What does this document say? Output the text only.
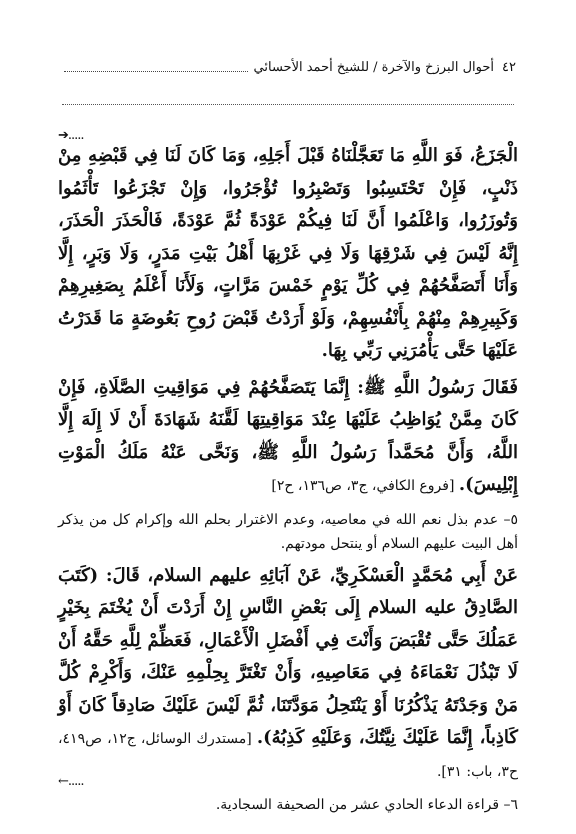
٤٢
أحوال البرزخ والآخرة / للشيخ أحمد الأحسائي
➔.....

الْجَزَعُ، فَوَ اللَّهِ مَا تَعَجَّلْنَاهُ قَبْلَ أَجَلِهِ، وَمَا كَانَ لَنَا فِي قَبْضِهِ مِنْ ذَنْبٍ، فَإِنْ تَحْتَسِبُوا وَتَصْبِرُوا تُؤْجَرُوا، وَإِنْ تَجْزَعُوا تَأْثَمُوا وَتُوزَرُوا، وَاعْلَمُوا أَنَّ لَنَا فِيكُمْ عَوْدَةً ثُمَّ عَوْدَةً، فَالْحَذَرَ الْحَذَرَ، إِنَّهُ لَيْسَ فِي شَرْقِهَا وَلَا فِي غَرْبِهَا أَهْلُ بَيْتِ مَدَرٍ، وَلَا وَبَرٍ، إِلَّا وَأَنَا أَتَصَفَّحُهُمْ فِي كُلِّ يَوْمٍ خَمْسَ مَرَّاتٍ، وَلَأَنَا أَعْلَمُ بِصَغِيرِهِمْ وَكَبِيرِهِمْ مِنْهُمْ بِأَنْفُسِهِمْ، وَلَوْ أَرَدْتُ قَبْضَ رُوحِ بَعُوضَةٍ مَا قَدَرْتُ عَلَيْهَا حَتَّى يَأْمُرَنِي رَبِّي بِهَا.

فَقَالَ رَسُولُ اللَّهِ ﷺ: إِنَّمَا يَتَصَفَّحُهُمْ فِي مَوَاقِيتِ الصَّلَاةِ، فَإِنْ كَانَ مِمَّنْ يُوَاظِبُ عَلَيْهَا عِنْدَ مَوَاقِيتِهَا لَقَّنَهُ شَهَادَةَ أَنْ لَا إِلَهَ إِلَّا اللَّهُ، وَأَنَّ مُحَمَّداً رَسُولُ اللَّهِ ﷺ، وَنَحَّى عَنْهُ مَلَكُ الْمَوْتِ إِبْلِيسَ). [فروع الكافي، ج٣، ص١٣٦، ح٢]

٥– عدم بذل نعم الله في معاصيه، وعدم الاغترار بحلم الله وإكرام كل من يذكر أهل البيت عليهم السلام أو ينتحل مودتهم.

عَنْ أَبِي مُحَمَّدٍ الْعَسْكَرِيِّ، عَنْ آبَائِهِ عليهم السلام، قَالَ: (كَتَبَ الصَّادِقُ عليه السلام إِلَى بَعْضِ النَّاسِ إِنْ أَرَدْتَ أَنْ يُخْتَمَ بِخَيْرٍ عَمَلُكَ حَتَّى تُقْبَضَ وَأَنْتَ فِي أَفْضَلِ الْأَعْمَالِ، فَعَظِّمْ لِلَّهِ حَقَّهُ أَنْ لَا تَبْذُلَ نَعْمَاءَهُ فِي مَعَاصِيهِ، وَأَنْ تَغْتَرَّ بِحِلْمِهِ عَنْكَ، وَأَكْرِمْ كُلَّ مَنْ وَجَدْتَهُ يَذْكُرُنَا أَوْ يَنْتَحِلُ مَوَدَّتَنَا، ثُمَّ لَيْسَ عَلَيْكَ صَادِقاً كَانَ أَوْ كَاذِباً، إِنَّمَا عَلَيْكَ نِيَّتُكَ، وَعَلَيْهِ كَذِبُهُ). [مستدرك الوسائل، ج١٢، ص٤١٩، ح٣، باب: ٣١].

٦– قراءة الدعاء الحادي عشر من الصحيفة السجادية.

←.....
